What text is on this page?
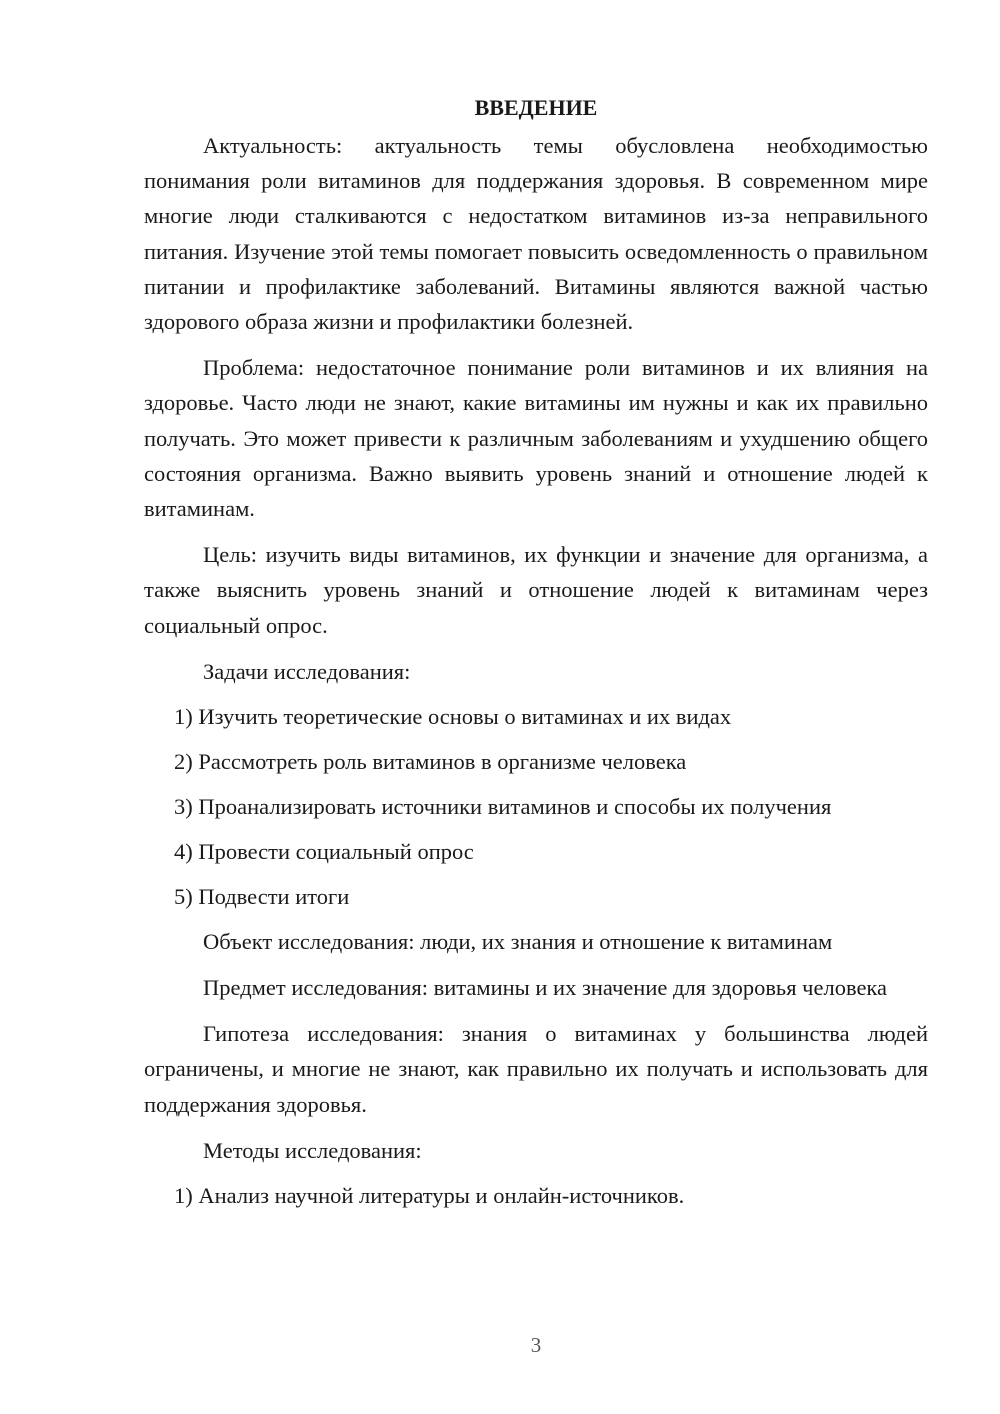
ВВЕДЕНИЕ

Актуальность: актуальность темы обусловлена необходимостью понимания роли витаминов для поддержания здоровья. В современном мире многие люди сталкиваются с недостатком витаминов из-за неправильного питания. Изучение этой темы помогает повысить осведомленность о правильном питании и профилактике заболеваний. Витамины являются важной частью здорового образа жизни и профилактики болезней.

Проблема: недостаточное понимание роли витаминов и их влияния на здоровье. Часто люди не знают, какие витамины им нужны и как их правильно получать. Это может привести к различным заболеваниям и ухудшению общего состояния организма. Важно выявить уровень знаний и отношение людей к витаминам.

Цель: изучить виды витаминов, их функции и значение для организма, а также выяснить уровень знаний и отношение людей к витаминам через социальный опрос.

Задачи исследования:

1) Изучить теоретические основы о витаминах и их видах

2) Рассмотреть роль витаминов в организме человека

3) Проанализировать источники витаминов и способы их получения

4) Провести социальный опрос

5) Подвести итоги

Объект исследования: люди, их знания и отношение к витаминам

Предмет исследования: витамины и их значение для здоровья человека

Гипотеза исследования: знания о витаминах у большинства людей ограничены, и многие не знают, как правильно их получать и использовать для поддержания здоровья.

Методы исследования:

1) Анализ научной литературы и онлайн-источников.

3
